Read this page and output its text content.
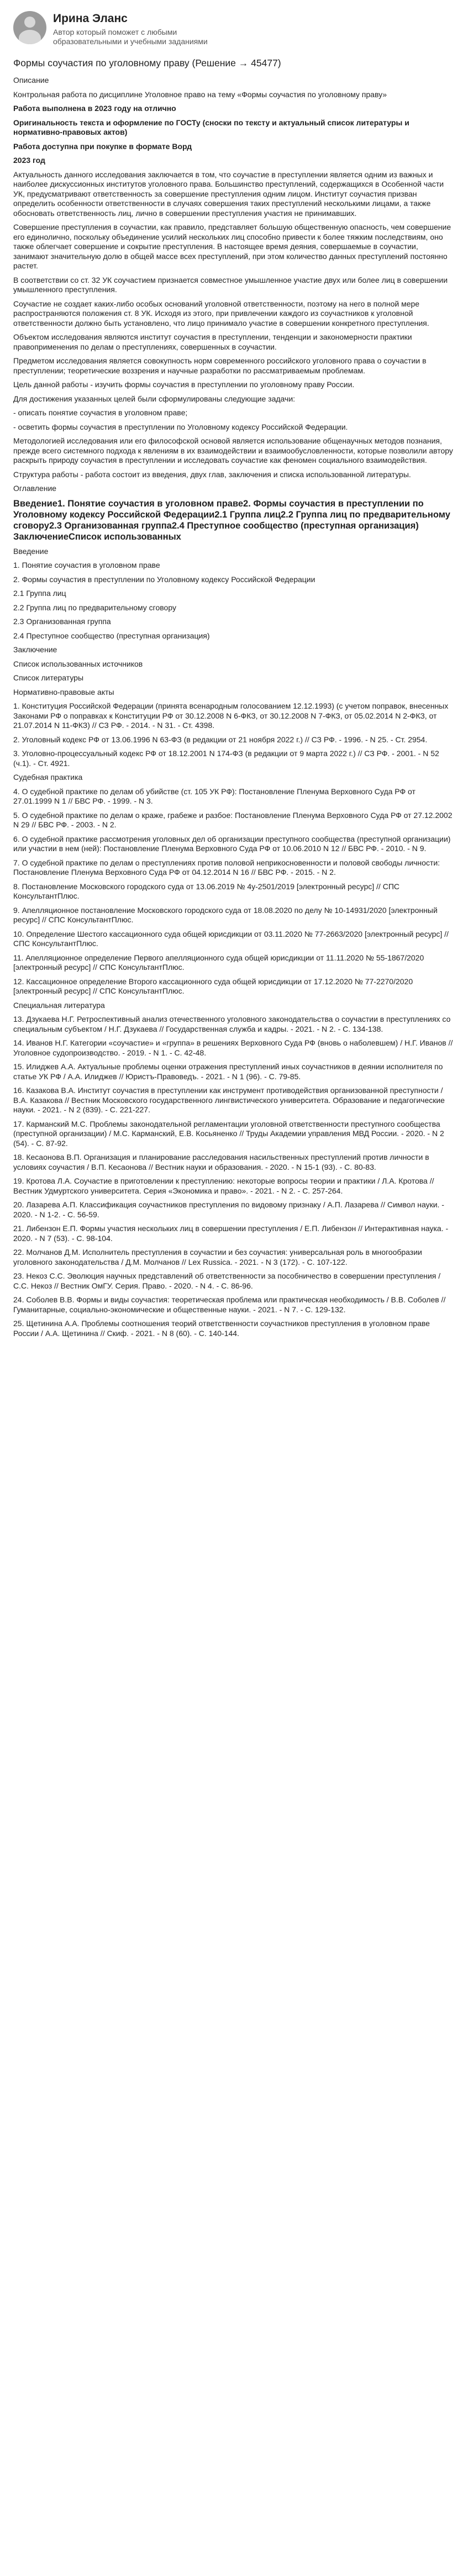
Ирина Эланс
Автор который поможет с любыми образовательными и учебными заданиями
Формы соучастия по уголовному праву (Решение → 45477)

Описание

Контрольная работа по дисциплине Уголовное право на тему «Формы соучастия по уголовному праву»

Работа выполнена в 2023 году на отлично

Оригинальность текста и оформление по ГОСТу (сноски по тексту и актуальный список литературы и нормативно-правовых актов)

Работа доступна при покупке в формате Ворд

2023 год

Актуальность данного исследования заключается в том, что соучастие в преступлении является одним из важных и наиболее дискуссионных институтов уголовного права. Большинство преступлений, содержащихся в Особенной части УК, предусматривают ответственность за совершение преступления одним лицом. Институт соучастия призван определить особенности ответственности в случаях совершения таких преступлений несколькими лицами, а также обосновать ответственность лиц, лично в совершении преступления участия не принимавших.

Совершение преступления в соучастии, как правило, представляет большую общественную опасность, чем совершение его единолично, поскольку объединение усилий нескольких лиц способно привести к более тяжким последствиям, оно также облегчает совершение и сокрытие преступления. В настоящее время деяния, совершаемые в соучастии, занимают значительную долю в общей массе всех преступлений, при этом количество данных преступлений постоянно растет.

В соответствии со ст. 32 УК соучастием признается совместное умышленное участие двух или более лиц в совершении умышленного преступления.

Соучастие не создает каких-либо особых оснований уголовной ответственности, поэтому на него в полной мере распространяются положения ст. 8 УК. Исходя из этого, при привлечении каждого из соучастников к уголовной ответственности должно быть установлено, что лицо принимало участие в совершении конкретного преступления.

Объектом исследования являются институт соучастия в преступлении, тенденции и закономерности практики правоприменения по делам о преступлениях, совершенных в соучастии.

Предметом исследования является совокупность норм современного российского уголовного права о соучастии в преступлении; теоретические воззрения и научные разработки по рассматриваемым проблемам.

Цель данной работы - изучить формы соучастия в преступлении по уголовному праву России.

Для достижения указанных целей были сформулированы следующие задачи:

- описать понятие соучастия в уголовном праве;

- осветить формы соучастия в преступлении по Уголовному кодексу Российской Федерации.

Методологией исследования или его философской основой является использование общенаучных методов познания, прежде всего системного подхода к явлениям в их взаимодействии и взаимообусловленности, которые позволили автору раскрыть природу соучастия в преступлении и исследовать соучастие как феномен социального взаимодействия.

Структура работы - работа состоит из введения, двух глав, заключения и списка использованной литературы.

Оглавление

Введение1. Понятие соучастия в уголовном праве2. Формы соучастия в преступлении по Уголовному кодексу Российской Федерации2.1 Группа лиц2.2 Группа лиц по предварительному сговору2.3 Организованная группа2.4 Преступное сообщество (преступная организация) ЗаключениеСписок использованных

Введение

1. Понятие соучастия в уголовном праве

2. Формы соучастия в преступлении по Уголовному кодексу Российской Федерации

2.1 Группа лиц

2.2 Группа лиц по предварительному сговору

2.3 Организованная группа

2.4 Преступное сообщество (преступная организация)

Заключение

Список использованных источников

Список литературы

Нормативно-правовые акты

1. Конституция Российской Федерации (принята всенародным голосованием 12.12.1993) (с учетом поправок, внесенных Законами РФ о поправках к Конституции РФ от 30.12.2008 N 6-ФКЗ, от 30.12.2008 N 7-ФКЗ, от 05.02.2014 N 2-ФКЗ, от 21.07.2014 N 11-ФКЗ) // СЗ РФ. - 2014. - N 31. - Ст. 4398.

2. Уголовный кодекс РФ от 13.06.1996 N 63-ФЗ (в редакции от 21 ноября 2022 г.) // СЗ РФ. - 1996. - N 25. - Ст. 2954.

3. Уголовно-процессуальный кодекс РФ от 18.12.2001 N 174-ФЗ (в редакции от 9 марта 2022 г.) // СЗ РФ. - 2001. - N 52 (ч.1). - Ст. 4921.

Судебная практика

4. О судебной практике по делам об убийстве (ст. 105 УК РФ): Постановление Пленума Верховного Суда РФ от 27.01.1999 N 1 // БВС РФ. - 1999. - N 3.

5. О судебной практике по делам о краже, грабеже и разбое: Постановление Пленума Верховного Суда РФ от 27.12.2002 N 29 // БВС РФ. - 2003. - N 2.

6. О судебной практике рассмотрения уголовных дел об организации преступного сообщества (преступной организации) или участии в нем (ней): Постановление Пленума Верховного Суда РФ от 10.06.2010 N 12 // БВС РФ. - 2010. - N 9.

7. О судебной практике по делам о преступлениях против половой неприкосновенности и половой свободы личности: Постановление Пленума Верховного Суда РФ от 04.12.2014 N 16 // БВС РФ. - 2015. - N 2.

8. Постановление Московского городского суда от 13.06.2019 № 4у-2501/2019 [электронный ресурс] // СПС КонсультантПлюс.

9. Апелляционное постановление Московского городского суда от 18.08.2020 по делу № 10-14931/2020 [электронный ресурс] // СПС КонсультантПлюс.

10. Определение Шестого кассационного суда общей юрисдикции от 03.11.2020 № 77-2663/2020 [электронный ресурс] // СПС КонсультантПлюс.

11. Апелляционное определение Первого апелляционного суда общей юрисдикции от 11.11.2020 № 55-1867/2020 [электронный ресурс] // СПС КонсультантПлюс.

12. Кассационное определение Второго кассационного суда общей юрисдикции от 17.12.2020 № 77-2270/2020 [электронный ресурс] // СПС КонсультантПлюс.

Специальная литература

13. Дзукаева Н.Г. Ретроспективный анализ отечественного уголовного законодательства о соучастии в преступлениях со специальным субъектом / Н.Г. Дзукаева // Государственная служба и кадры. - 2021. - N 2. - С. 134-138.

14. Иванов Н.Г. Категории «соучастие» и «группа» в решениях Верховного Суда РФ (вновь о наболевшем) / Н.Г. Иванов // Уголовное судопроизводство. - 2019. - N 1. - С. 42-48.

15. Илиджев А.А. Актуальные проблемы оценки отражения преступлений иных соучастников в деянии исполнителя по статье УК РФ / А.А. Илиджев // Юристъ-Правоведъ. - 2021. - N 1 (96). - С. 79-85.

16. Казакова В.А. Институт соучастия в преступлении как инструмент противодействия организованной преступности / В.А. Казакова // Вестник Московского государственного лингвистического университета. Образование и педагогические науки. - 2021. - N 2 (839). - С. 221-227.

17. Карманский М.С. Проблемы законодательной регламентации уголовной ответственности преступного сообщества (преступной организации) / М.С. Карманский, Е.В. Косьяненко // Труды Академии управления МВД России. - 2020. - N 2 (54). - С. 87-92.

18. Кесаонова В.П. Организация и планирование расследования насильственных преступлений против личности в условиях соучастия / В.П. Кесаонова // Вестник науки и образования. - 2020. - N 15-1 (93). - С. 80-83.

19. Кротова Л.А. Соучастие в приготовлении к преступлению: некоторые вопросы теории и практики / Л.А. Кротова // Вестник Удмуртского университета. Серия «Экономика и право». - 2021. - N 2. - С. 257-264.

20. Лазарева А.П. Классификация соучастников преступления по видовому признаку / А.П. Лазарева // Символ науки. - 2020. - N 1-2. - С. 56-59.

21. Либензон Е.П. Формы участия нескольких лиц в совершении преступления / Е.П. Либензон // Интерактивная наука. - 2020. - N 7 (53). - С. 98-104.

22. Молчанов Д.М. Исполнитель преступления в соучастии и без соучастия: универсальная роль в многообразии уголовного законодательства / Д.М. Молчанов // Lex Russica. - 2021. - N 3 (172). - С. 107-122.

23. Некоз С.С. Эволюция научных представлений об ответственности за пособничество в совершении преступления / С.С. Некоз // Вестник ОмГУ. Серия. Право. - 2020. - N 4. - С. 86-96.

24. Соболев В.В. Формы и виды соучастия: теоретическая проблема или практическая необходимость / В.В. Соболев // Гуманитарные, социально-экономические и общественные науки. - 2021. - N 7. - С. 129-132.

25. Щетинина А.А. Проблемы соотношения теорий ответственности соучастников преступления в уголовном праве России / А.А. Щетинина // Скиф. - 2021. - N 8 (60). - С. 140-144.
